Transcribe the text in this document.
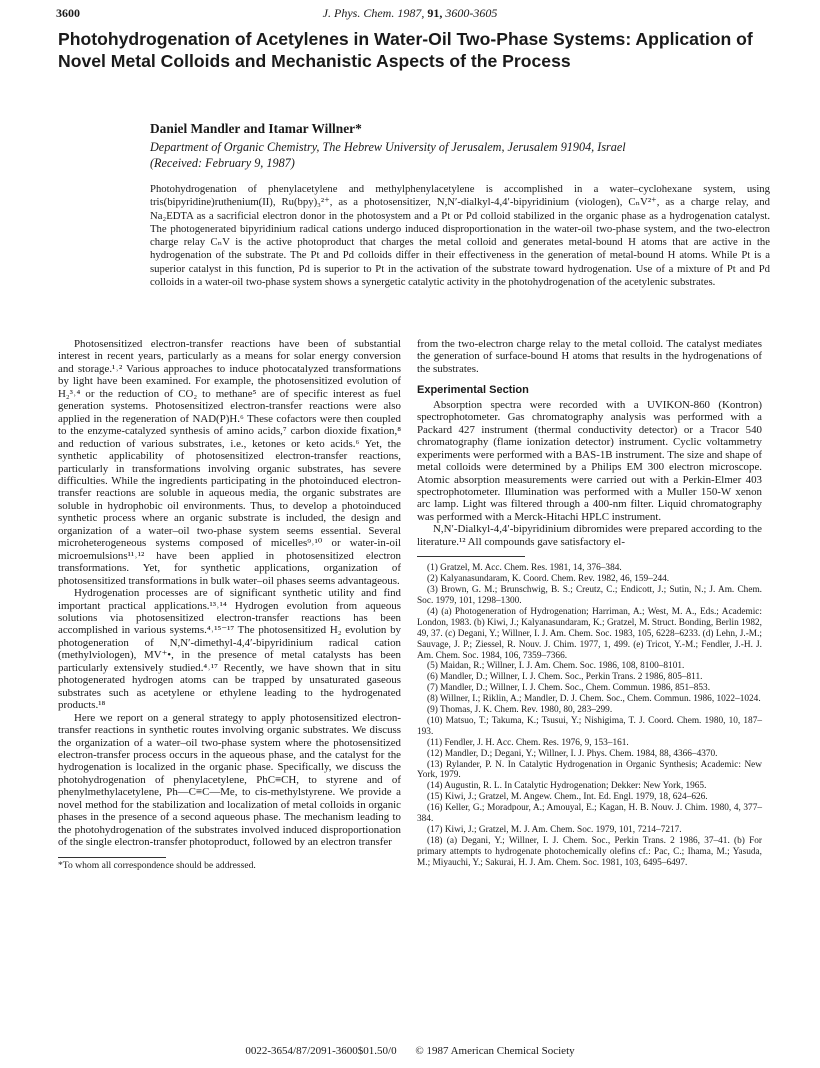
3600	J. Phys. Chem. 1987, 91, 3600-3605
Photohydrogenation of Acetylenes in Water-Oil Two-Phase Systems: Application of Novel Metal Colloids and Mechanistic Aspects of the Process
Daniel Mandler and Itamar Willner*
Department of Organic Chemistry, The Hebrew University of Jerusalem, Jerusalem 91904, Israel
(Received: February 9, 1987)

Photohydrogenation of phenylacetylene and methylphenylacetylene is accomplished in a water–cyclohexane system, using tris(bipyridine)ruthenium(II), Ru(bpy)₃²⁺, as a photosensitizer, N,N′-dialkyl-4,4′-bipyridinium (viologen), CₙV²⁺, as a charge relay, and Na₂EDTA as a sacrificial electron donor in the photosystem and a Pt or Pd colloid stabilized in the organic phase as a hydrogenation catalyst. The photogenerated bipyridinium radical cations undergo induced disproportionation in the water-oil two-phase system, and the two-electron charge relay CₙV is the active photoproduct that charges the metal colloid and generates metal-bound H atoms that are active in the hydrogenation of the substrate. The Pt and Pd colloids differ in their effectiveness in the generation of metal-bound H atoms. While Pt is a superior catalyst in this function, Pd is superior to Pt in the activation of the substrate toward hydrogenation. Use of a mixture of Pt and Pd colloids in a water-oil two-phase system shows a synergetic catalytic activity in the photohydrogenation of the acetylenic substrates.

Photosensitized electron-transfer reactions have been of substantial interest in recent years, particularly as a means for solar energy conversion and storage.¹˒² Various approaches to induce photocatalyzed transformations by light have been examined. For example, the photosensitized evolution of H₂³˒⁴ or the reduction of CO₂ to methane⁵ are of specific interest as fuel generation systems. Photosensitized electron-transfer reactions were also applied in the regeneration of NAD(P)H.⁶ These cofactors were then coupled to the enzyme-catalyzed synthesis of amino acids,⁷ carbon dioxide fixation,⁸ and reduction of various substrates, i.e., ketones or keto acids.⁶ Yet, the synthetic applicability of photosensitized electron-transfer reactions, particularly in transformations involving organic substrates, has severe difficulties. While the ingredients participating in the photoinduced electron-transfer reactions are soluble in aqueous media, the organic substrates are soluble in hydrophobic oil environments. Thus, to develop a photoinduced synthetic process where an organic substrate is included, the design and organization of a water–oil two-phase system seems essential. Several microheterogeneous systems composed of micelles⁹˒¹⁰ or water-in-oil microemulsions¹¹˒¹² have been applied in photosensitized electron transformations. Yet, for synthetic applications, organization of photosensitized transformations in bulk water–oil phases seems advantageous.

Hydrogenation processes are of significant synthetic utility and find important practical applications.¹³˒¹⁴ Hydrogen evolution from aqueous solutions via photosensitized electron-transfer reactions has been accomplished in various systems.⁴˒¹⁵⁻¹⁷ The photosensitized H₂ evolution by photogeneration of N,N′-dimethyl-4,4′-bipyridinium radical cation (methylviologen), MV⁺•, in the presence of metal catalysts has been particularly extensively studied.⁴˒¹⁷ Recently, we have shown that in situ photogenerated hydrogen atoms can be trapped by unsaturated gaseous substrates such as acetylene or ethylene leading to the hydrogenated products.¹⁸

Here we report on a general strategy to apply photosensitized electron-transfer reactions in synthetic routes involving organic substrates. We discuss the organization of a water–oil two-phase system where the photosensitized electron-transfer process occurs in the aqueous phase, and the catalyst for the hydrogenation is localized in the organic phase. Specifically, we discuss the photohydrogenation of phenylacetylene, PhC≡CH, to styrene and of phenylmethylacetylene, Ph—C≡C—Me, to cis-methylstyrene. We provide a novel method for the stabilization and localization of metal colloids in organic phases in the presence of a second aqueous phase. The mechanism leading to the photohydrogenation of the substrates involved induced disproportionation of the single electron-transfer photoproduct, followed by an electron transfer

*To whom all correspondence should be addressed.

from the two-electron charge relay to the metal colloid. The catalyst mediates the generation of surface-bound H atoms that results in the hydrogenations of the substrates.

Experimental Section

Absorption spectra were recorded with a UVIKON-860 (Kontron) spectrophotometer. Gas chromatography analysis was performed with a Packard 427 instrument (thermal conductivity detector) or a Tracor 540 chromatography (flame ionization detector) instrument. Cyclic voltammetry experiments were performed with a BAS-1B instrument. The size and shape of metal colloids were determined by a Philips EM 300 electron microscope. Atomic absorption measurements were carried out with a Perkin-Elmer 403 spectrophotometer. Illumination was performed with a Muller 150-W xenon arc lamp. Light was filtered through a 400-nm filter. Liquid chromatography was performed with a Merck-Hitachi HPLC instrument.

N,N′-Dialkyl-4,4′-bipyridinium dibromides were prepared according to the literature.¹² All compounds gave satisfactory el-

(1) Gratzel, M. Acc. Chem. Res. 1981, 14, 376–384.
(2) Kalyanasundaram, K. Coord. Chem. Rev. 1982, 46, 159–244.
(3) Brown, G. M.; Brunschwig, B. S.; Creutz, C.; Endicott, J.; Sutin, N.; J. Am. Chem. Soc. 1979, 101, 1298–1300.
(4) (a) Photogeneration of Hydrogenation; Harriman, A.; West, M. A., Eds.; Academic: London, 1983. (b) Kiwi, J.; Kalyanasundaram, K.; Gratzel, M. Struct. Bonding, Berlin 1982, 49, 37. (c) Degani, Y.; Willner, I. J. Am. Chem. Soc. 1983, 105, 6228–6233. (d) Lehn, J.-M.; Sauvage, J. P.; Ziessel, R. Nouv. J. Chim. 1977, 1, 499. (e) Tricot, Y.-M.; Fendler, J.-H. J. Am. Chem. Soc. 1984, 106, 7359–7366.
(5) Maidan, R.; Willner, I. J. Am. Chem. Soc. 1986, 108, 8100–8101.
(6) Mandler, D.; Willner, I. J. Chem. Soc., Perkin Trans. 2 1986, 805–811.
(7) Mandler, D.; Willner, I. J. Chem. Soc., Chem. Commun. 1986, 851–853.
(8) Willner, I.; Riklin, A.; Mandler, D. J. Chem. Soc., Chem. Commun. 1986, 1022–1024.
(9) Thomas, J. K. Chem. Rev. 1980, 80, 283–299.
(10) Matsuo, T.; Takuma, K.; Tsusui, Y.; Nishigima, T. J. Coord. Chem. 1980, 10, 187–193.
(11) Fendler, J. H. Acc. Chem. Res. 1976, 9, 153–161.
(12) Mandler, D.; Degani, Y.; Willner, I. J. Phys. Chem. 1984, 88, 4366–4370.
(13) Rylander, P. N. In Catalytic Hydrogenation in Organic Synthesis; Academic: New York, 1979.
(14) Augustin, R. L. In Catalytic Hydrogenation; Dekker: New York, 1965.
(15) Kiwi, J.; Gratzel, M. Angew. Chem., Int. Ed. Engl. 1979, 18, 624–626.
(16) Keller, G.; Moradpour, A.; Amouyal, E.; Kagan, H. B. Nouv. J. Chim. 1980, 4, 377–384.
(17) Kiwi, J.; Gratzel, M. J. Am. Chem. Soc. 1979, 101, 7214–7217.
(18) (a) Degani, Y.; Willner, I. J. Chem. Soc., Perkin Trans. 2 1986, 37–41. (b) For primary attempts to hydrogenate photochemically olefins cf.: Pac, C.; Ihama, M.; Yasuda, M.; Miyauchi, Y.; Sakurai, H. J. Am. Chem. Soc. 1981, 103, 6495–6497.
0022-3654/87/2091-3600$01.50/0 © 1987 American Chemical Society
